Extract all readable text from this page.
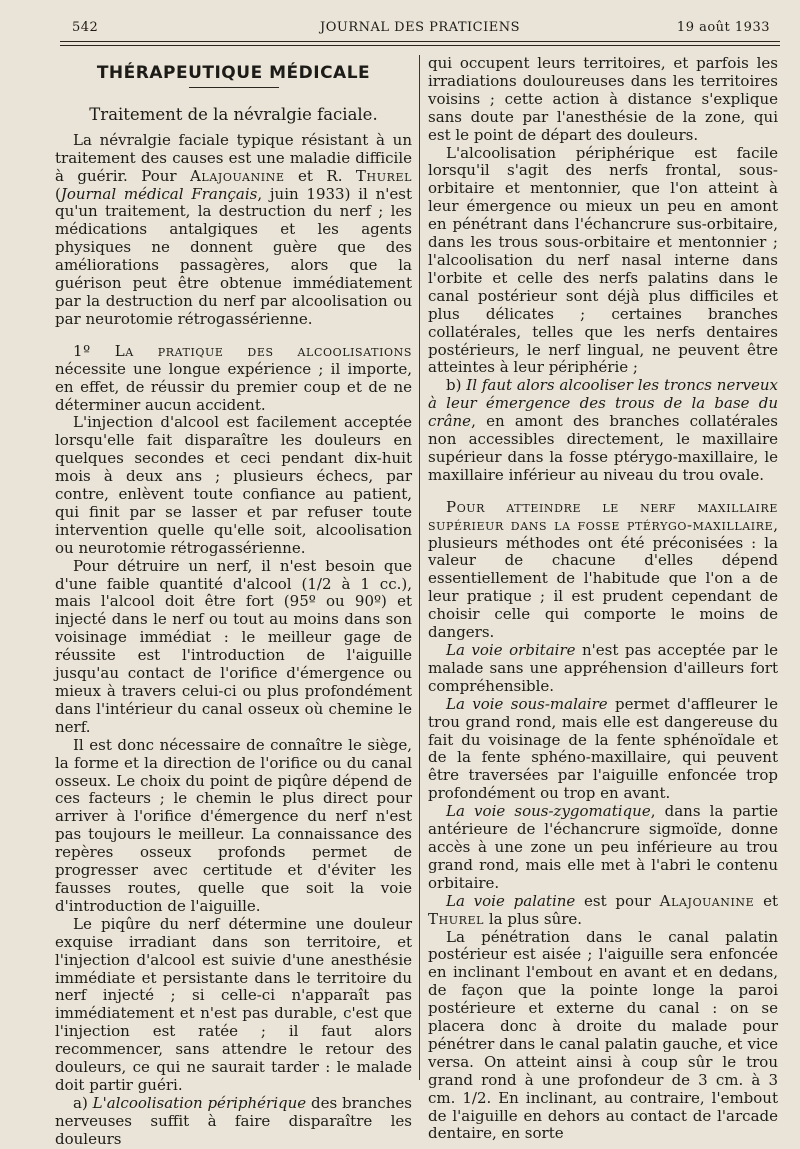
542	JOURNAL DES PRATICIENS	19 août 1933
THÉRAPEUTIQUE MÉDICALE
Traitement de la névralgie faciale.

La névralgie faciale typique résistant à un traitement des causes est une maladie difficile à guérir. Pour Alajouanine et R. Thurel (Journal médical Français, juin 1933) il n'est qu'un traitement, la destruction du nerf ; les médications antalgiques et les agents physiques ne donnent guère que des améliorations passagères, alors que la guérison peut être obtenue immédiatement par la destruction du nerf par alcoolisation ou par neurotomie rétrogassérienne.

1º La pratique des alcoolisations nécessite une longue expérience ; il importe, en effet, de réussir du premier coup et de ne déterminer aucun accident.

L'injection d'alcool est facilement acceptée lorsqu'elle fait disparaître les douleurs en quelques secondes et ceci pendant dix-huit mois à deux ans ; plusieurs échecs, par contre, enlèvent toute confiance au patient, qui finit par se lasser et par refuser toute intervention quelle qu'elle soit, alcoolisation ou neurotomie rétrogassérienne.

Pour détruire un nerf, il n'est besoin que d'une faible quantité d'alcool (1/2 à 1 cc.), mais l'alcool doit être fort (95º ou 90º) et injecté dans le nerf ou tout au moins dans son voisinage immédiat : le meilleur gage de réussite est l'introduction de l'aiguille jusqu'au contact de l'orifice d'émergence ou mieux à travers celui-ci ou plus profondément dans l'intérieur du canal osseux où chemine le nerf.

Il est donc nécessaire de connaître le siège, la forme et la direction de l'orifice ou du canal osseux. Le choix du point de piqûre dépend de ces facteurs ; le chemin le plus direct pour arriver à l'orifice d'émergence du nerf n'est pas toujours le meilleur. La connaissance des repères osseux profonds permet de progresser avec certitude et d'éviter les fausses routes, quelle que soit la voie d'introduction de l'aiguille.

Le piqûre du nerf détermine une douleur exquise irradiant dans son territoire, et l'injection d'alcool est suivie d'une anesthésie immédiate et persistante dans le territoire du nerf injecté ; si celle-ci n'apparaît pas immédiatement et n'est pas durable, c'est que l'injection est ratée ; il faut alors recommencer, sans attendre le retour des douleurs, ce qui ne saurait tarder : le malade doit partir guéri.

a) L'alcoolisation périphérique des branches nerveuses suffit à faire disparaître les douleurs

qui occupent leurs territoires, et parfois les irradiations douloureuses dans les territoires voisins ; cette action à distance s'explique sans doute par l'anesthésie de la zone, qui est le point de départ des douleurs.

L'alcoolisation périphérique est facile lorsqu'il s'agit des nerfs frontal, sous-orbitaire et mentonnier, que l'on atteint à leur émergence ou mieux un peu en amont en pénétrant dans l'échancrure sus-orbitaire, dans les trous sous-orbitaire et mentonnier ; l'alcoolisation du nerf nasal interne dans l'orbite et celle des nerfs palatins dans le canal postérieur sont déjà plus difficiles et plus délicates ; certaines branches collatérales, telles que les nerfs dentaires postérieurs, le nerf lingual, ne peuvent être atteintes à leur périphérie ;

b) Il faut alors alcooliser les troncs nerveux à leur émergence des trous de la base du crâne, en amont des branches collatérales non accessibles directement, le maxillaire supérieur dans la fosse ptérygo-maxillaire, le maxillaire inférieur au niveau du trou ovale.

Pour atteindre le nerf maxillaire supérieur dans la fosse ptérygo-maxillaire, plusieurs méthodes ont été préconisées : la valeur de chacune d'elles dépend essentiellement de l'habitude que l'on a de leur pratique ; il est prudent cependant de choisir celle qui comporte le moins de dangers.

La voie orbitaire n'est pas acceptée par le malade sans une appréhension d'ailleurs fort compréhensible.

La voie sous-malaire permet d'affleurer le trou grand rond, mais elle est dangereuse du fait du voisinage de la fente sphénoïdale et de la fente sphéno-maxillaire, qui peuvent être traversées par l'aiguille enfoncée trop profondément ou trop en avant.

La voie sous-zygomatique, dans la partie antérieure de l'échancrure sigmoïde, donne accès à une zone un peu inférieure au trou grand rond, mais elle met à l'abri le contenu orbitaire.

La voie palatine est pour Alajouanine et Thurel la plus sûre.

La pénétration dans le canal palatin postérieur est aisée ; l'aiguille sera enfoncée en inclinant l'embout en avant et en dedans, de façon que la pointe longe la paroi postérieure et externe du canal : on se placera donc à droite du malade pour pénétrer dans le canal palatin gauche, et vice versa. On atteint ainsi à coup sûr le trou grand rond à une profondeur de 3 cm. à 3 cm. 1/2. En inclinant, au contraire, l'embout de l'aiguille en dehors au contact de l'arcade dentaire, en sorte
